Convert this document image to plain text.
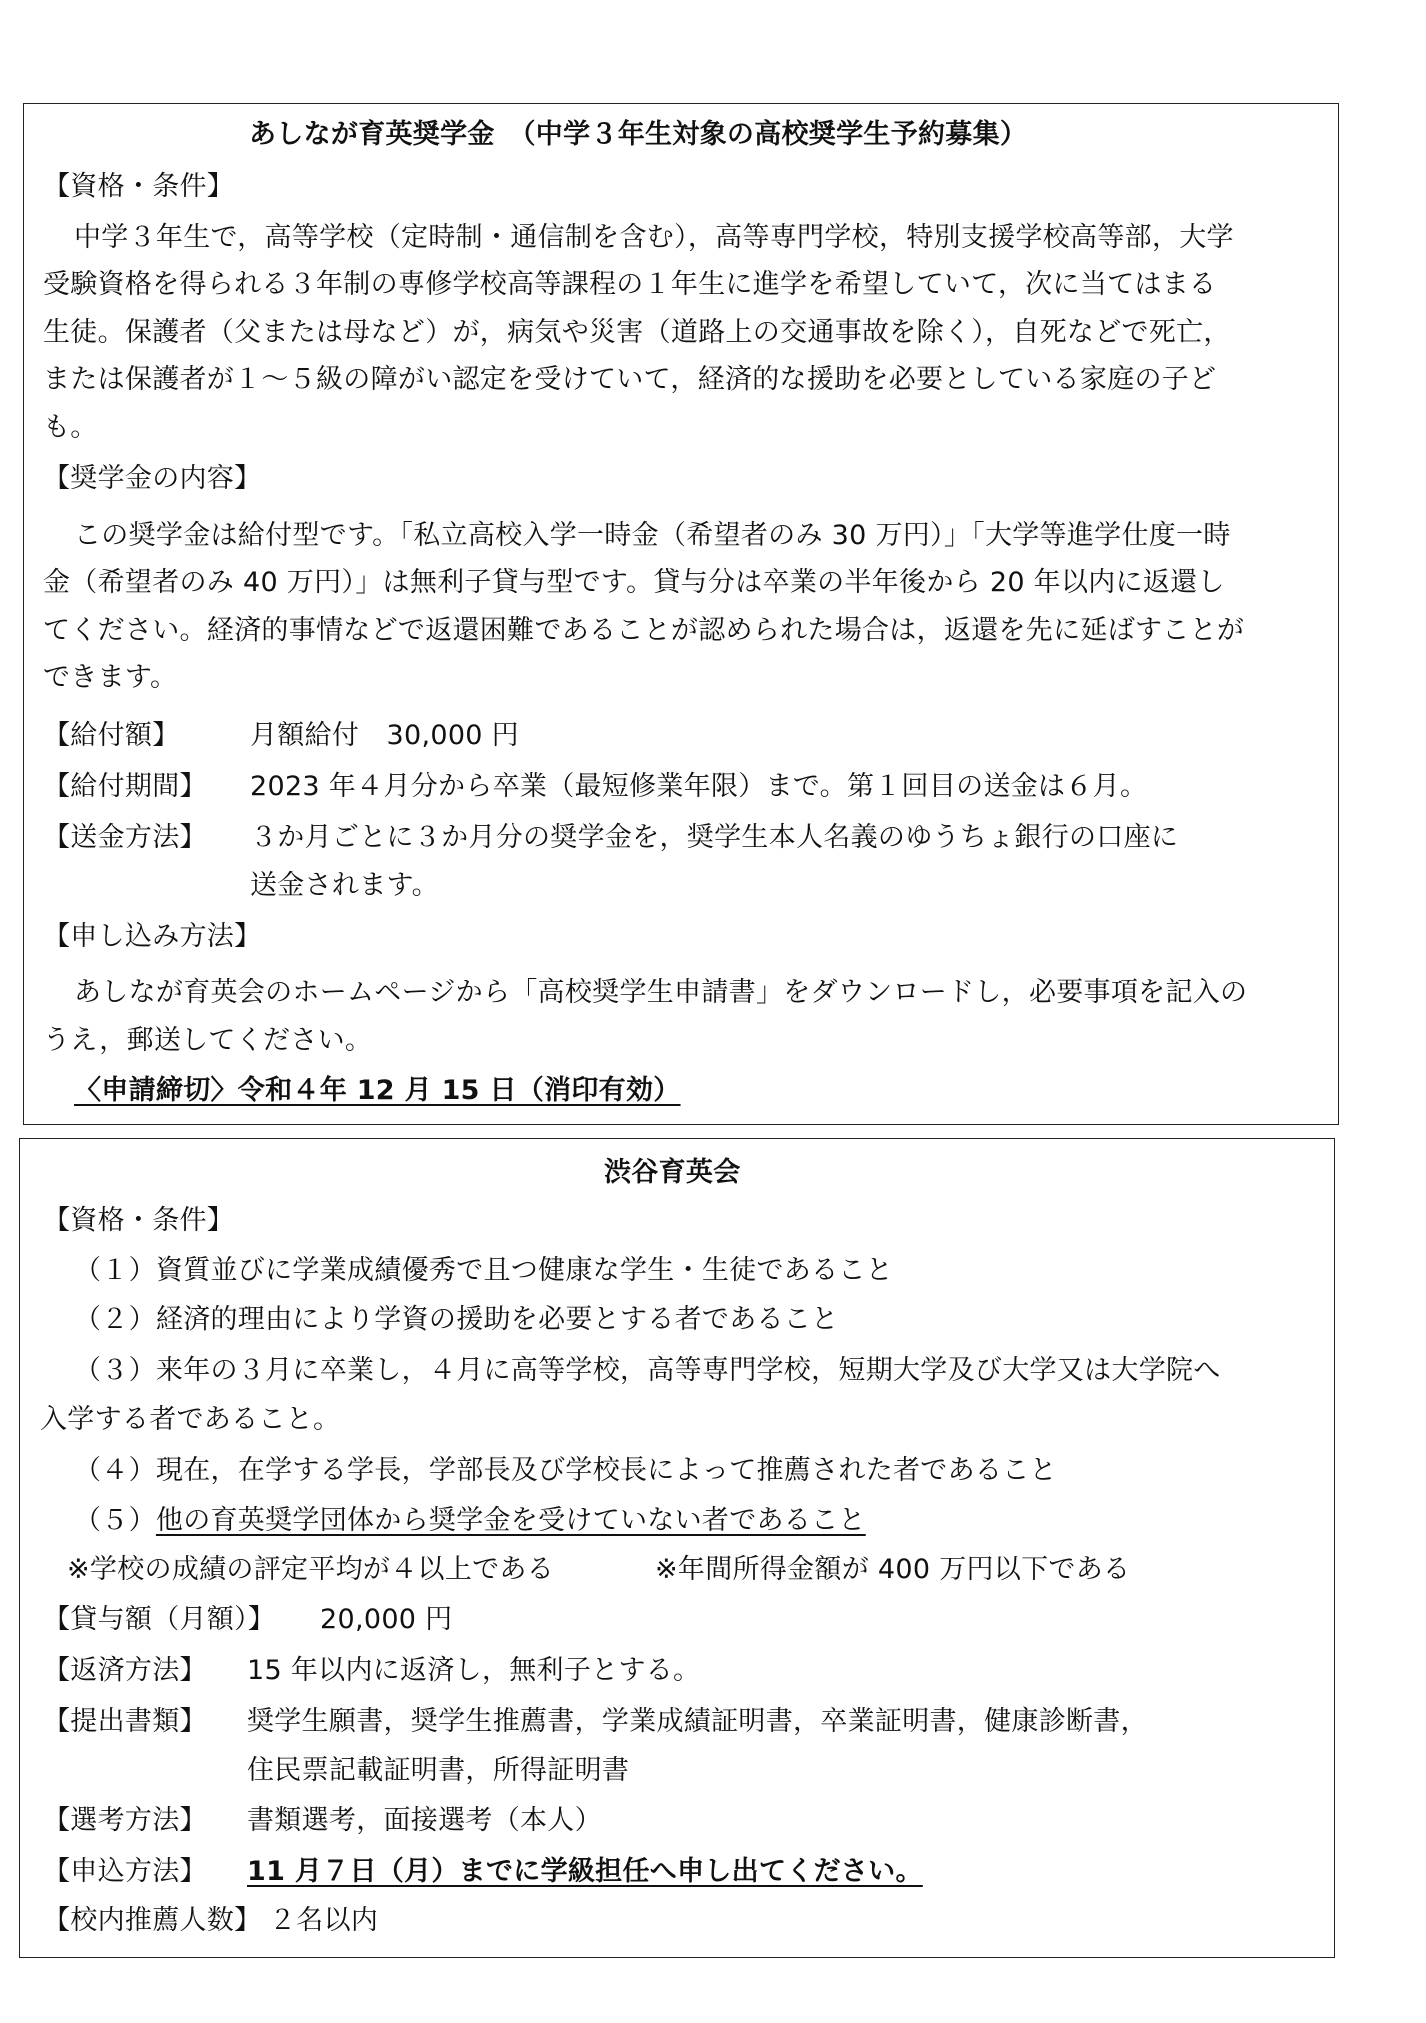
あしなが育英奨学金　（中学３年生対象の高校奨学生予約募集）
【資格・条件】
中学３年生で，高等学校（定時制・通信制を含む），高等専門学校，特別支援学校高等部，大学
受験資格を得られる３年制の専修学校高等課程の１年生に進学を希望していて，次に当てはまる
生徒。保護者（父または母など）が，病気や災害（道路上の交通事故を除く），自死などで死亡，
または保護者が１～５級の障がい認定を受けていて，経済的な援助を必要としている家庭の子ど
も。
【奨学金の内容】
この奨学金は給付型です。「私立高校入学一時金（希望者のみ 30 万円）」「大学等進学仕度一時
金（希望者のみ 40 万円）」は無利子貸与型です。貸与分は卒業の半年後から 20 年以内に返還し
てください。経済的事情などで返還困難であることが認められた場合は，返還を先に延ばすことが
できます。
【給付額】	月額給付　30,000 円
【給付期間】 2023 年４月分から卒業（最短修業年限）まで。第１回目の送金は６月。
【送金方法】 ３か月ごとに３か月分の奨学金を，奨学生本人名義のゆうちょ銀行の口座に
送金されます。
【申し込み方法】
あしなが育英会のホームページから「高校奨学生申請書」をダウンロードし，必要事項を記入の
うえ，郵送してください。
〈申請締切〉令和４年 12 月 15 日（消印有効）
渋谷育英会
【資格・条件】
（１）資質並びに学業成績優秀で且つ健康な学生・生徒であること
（２）経済的理由により学資の援助を必要とする者であること
（３）来年の３月に卒業し，４月に高等学校，高等専門学校，短期大学及び大学又は大学院へ
入学する者であること。
（４）現在，在学する学長，学部長及び学校長によって推薦された者であること
（５）他の育英奨学団体から奨学金を受けていない者であること
※学校の成績の評定平均が４以上である	※年間所得金額が 400 万円以下である
【貸与額（月額）】 20,000 円
【返済方法】 15 年以内に返済し，無利子とする。
【提出書類】 奨学生願書，奨学生推薦書，学業成績証明書，卒業証明書，健康診断書，
住民票記載証明書，所得証明書
【選考方法】 書類選考，面接選考（本人）
【申込方法】 11 月７日（月）までに学級担任へ申し出てください。
【校内推薦人数】 ２名以内
